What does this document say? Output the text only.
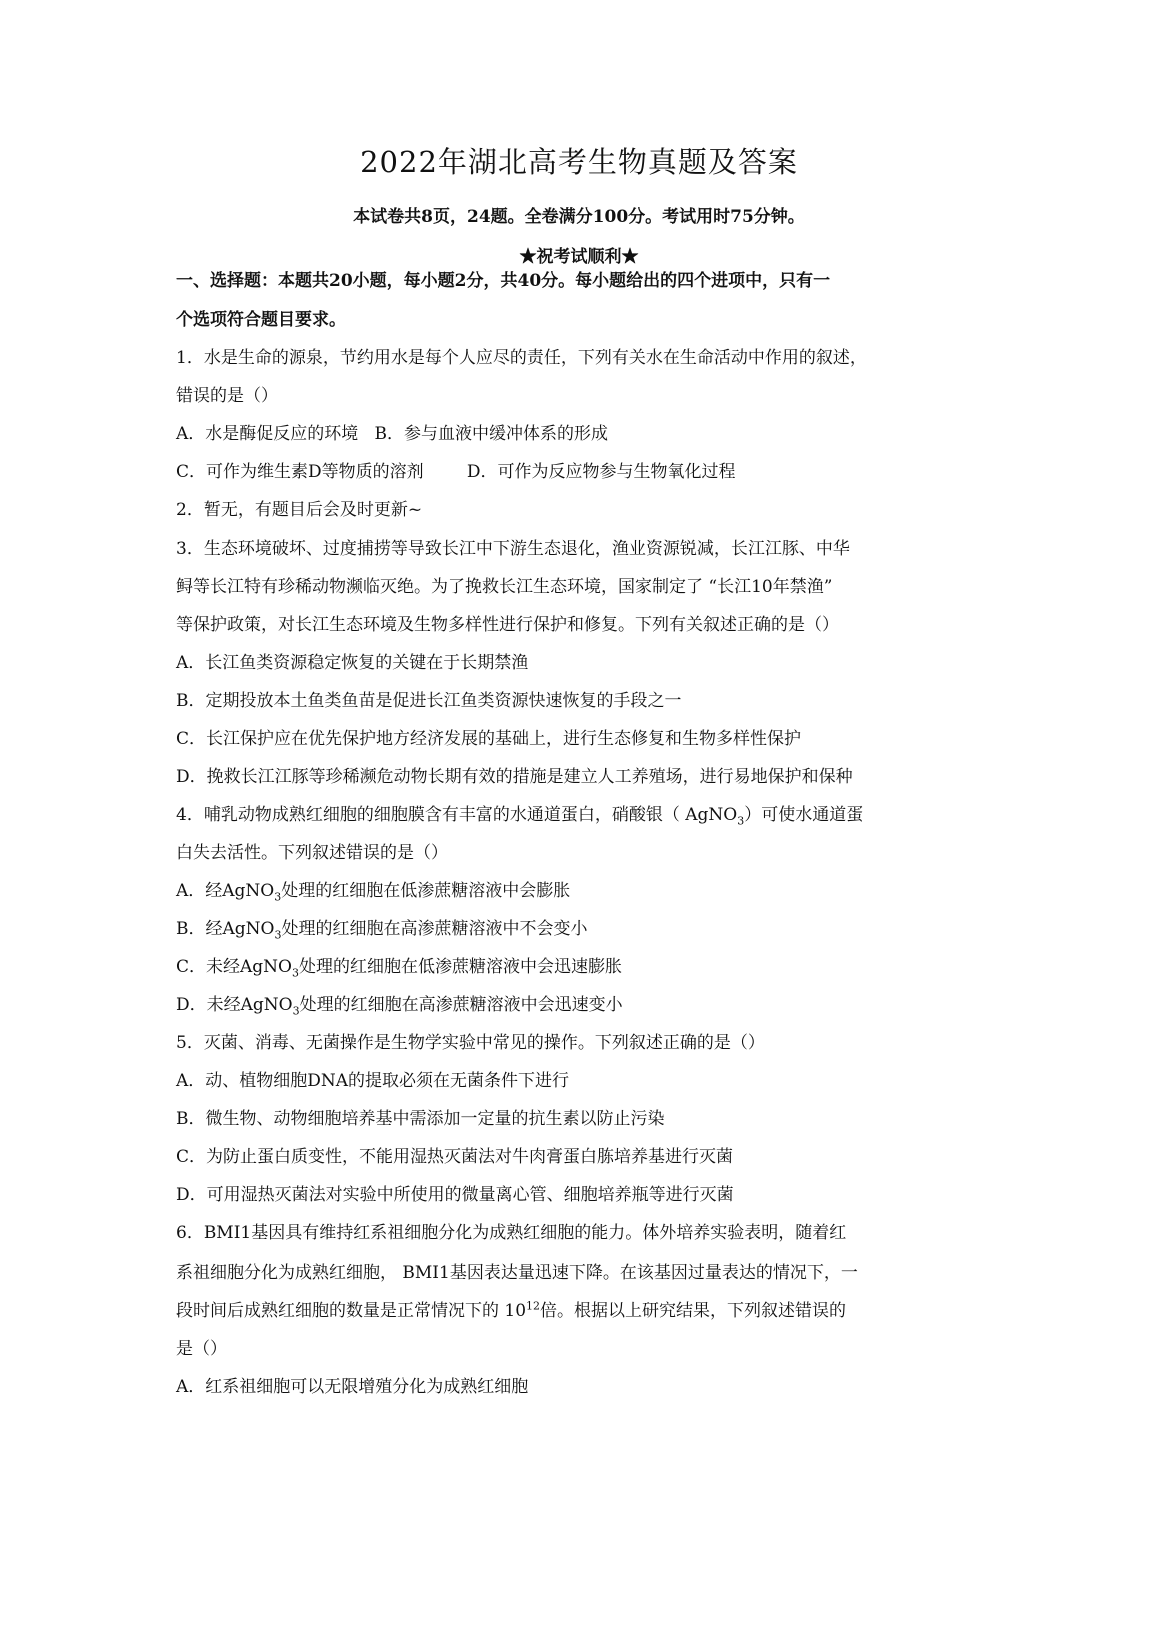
2022年湖北高考生物真题及答案
本试卷共8页，24题。全卷满分100分。考试用时75分钟。
★祝考试顺利★
一、选择题：本题共20小题，每小题2分，共40分。每小题给出的四个进项中，只有一
个选项符合题目要求。
1．水是生命的源泉，节约用水是每个人应尽的责任，下列有关水在生命活动中作用的叙述，
错误的是（）
A．水是酶促反应的环境   B．参与血液中缓冲体系的形成
C．可作为维生素D等物质的溶剂        D．可作为反应物参与生物氧化过程
2．暂无，有题目后会及时更新~
3．生态环境破坏、过度捕捞等导致长江中下游生态退化，渔业资源锐减，长江江豚、中华
鲟等长江特有珍稀动物濒临灭绝。为了挽救长江生态环境，国家制定了 “长江10年禁渔”
等保护政策，对长江生态环境及生物多样性进行保护和修复。下列有关叙述正确的是（）
A．长江鱼类资源稳定恢复的关键在于长期禁渔
B．定期投放本土鱼类鱼苗是促进长江鱼类资源快速恢复的手段之一
C．长江保护应在优先保护地方经济发展的基础上，进行生态修复和生物多样性保护
D．挽救长江江豚等珍稀濒危动物长期有效的措施是建立人工养殖场，进行易地保护和保种
4．哺乳动物成熟红细胞的细胞膜含有丰富的水通道蛋白，硝酸银（ AgNO$_3$）可使水通道蛋
白失去活性。下列叙述错误的是（）
A．经AgNO$_3$处理的红细胞在低渗蔗糖溶液中会膨胀
B．经AgNO$_3$处理的红细胞在高渗蔗糖溶液中不会变小
C．未经AgNO$_3$处理的红细胞在低渗蔗糖溶液中会迅速膨胀
D．未经AgNO$_3$处理的红细胞在高渗蔗糖溶液中会迅速变小
5．灭菌、消毒、无菌操作是生物学实验中常见的操作。下列叙述正确的是（）
A．动、植物细胞DNA的提取必须在无菌条件下进行
B．微生物、动物细胞培养基中需添加一定量的抗生素以防止污染
C．为防止蛋白质变性，不能用湿热灭菌法对牛肉膏蛋白胨培养基进行灭菌
D．可用湿热灭菌法对实验中所使用的微量离心管、细胞培养瓶等进行灭菌
6．BMI1基因具有维持红系祖细胞分化为成熟红细胞的能力。体外培养实验表明，随着红
系祖细胞分化为成熟红细胞， BMI1基因表达量迅速下降。在该基因过量表达的情况下，一
段时间后成熟红细胞的数量是正常情况下的 $10^{12}$倍。根据以上研究结果，下列叙述错误的
是（）
A．红系祖细胞可以无限增殖分化为成熟红细胞
